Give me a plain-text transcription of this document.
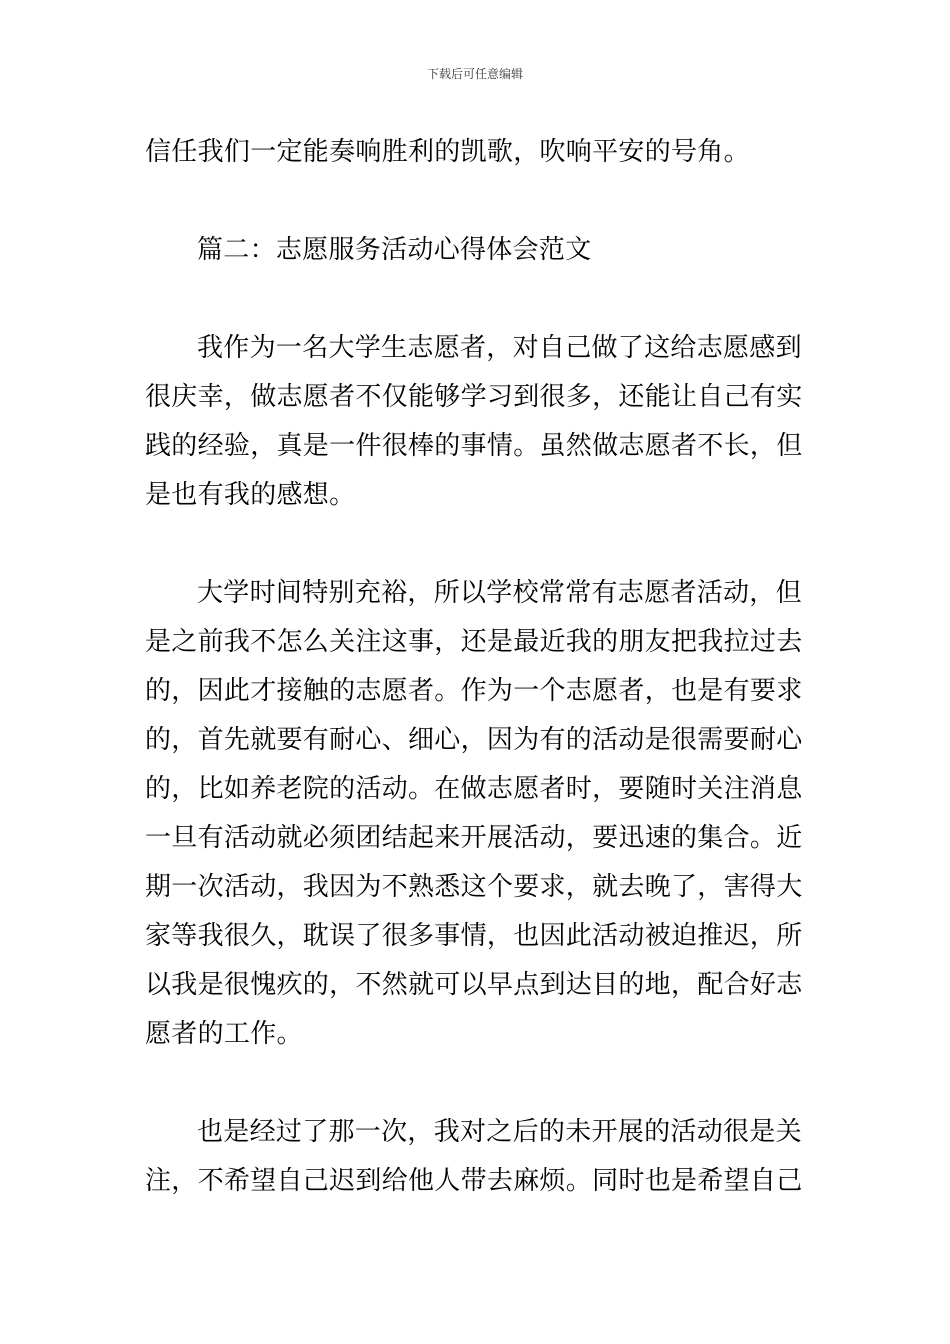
下载后可任意编辑

信任我们一定能奏响胜利的凯歌，吹响平安的号角。

篇二：志愿服务活动心得体会范文

我作为一名大学生志愿者，对自己做了这给志愿感到
很庆幸，做志愿者不仅能够学习到很多，还能让自己有实
践的经验，真是一件很棒的事情。虽然做志愿者不长，但
是也有我的感想。

大学时间特别充裕，所以学校常常有志愿者活动，但
是之前我不怎么关注这事，还是最近我的朋友把我拉过去
的，因此才接触的志愿者。作为一个志愿者，也是有要求
的，首先就要有耐心、细心，因为有的活动是很需要耐心
的，比如养老院的活动。在做志愿者时，要随时关注消息
一旦有活动就必须团结起来开展活动，要迅速的集合。近
期一次活动，我因为不熟悉这个要求，就去晚了，害得大
家等我很久，耽误了很多事情，也因此活动被迫推迟，所
以我是很愧疚的，不然就可以早点到达目的地，配合好志
愿者的工作。

也是经过了那一次，我对之后的未开展的活动很是关
注，不希望自己迟到给他人带去麻烦。同时也是希望自己
